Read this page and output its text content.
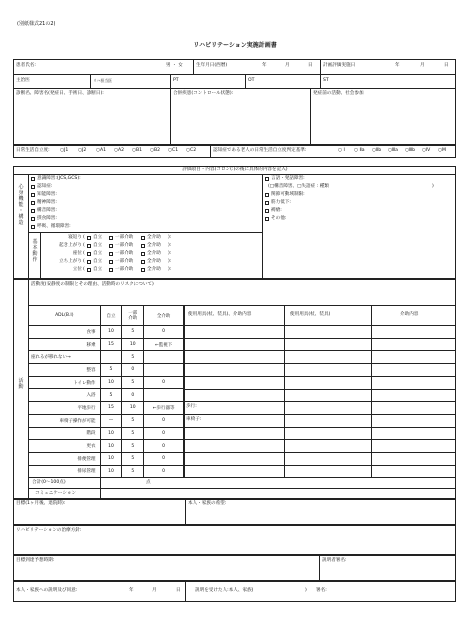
(別紙様式21の2)
リハビリテーション実施計画書
患者氏名:	男 ・ 女	生年月日(西暦)	年	月	日 計画評価実施日	年	月	日
主治医	リハ担当医	PT	OT	ST
診断名、障害名(発症日、手術日、診断日):	合併疾患(コントロール状態):	発症前の活動、社会参加
日常生活自立度: ○J1 ○J2 ○A1 ○A2 ○B1 ○B2 ○C1 ○C2	認知症である老人の日常生活自立度判定基準:	○ Ⅰ ○ Ⅱa ○Ⅱb ○Ⅲa ○Ⅲb ○Ⅳ ○M
評価項目・内容(コロン(:)の後に具体的内容を記入)
心
身
機
能
・
構
造
意識障害:(JCS,GCS):
認知症:
知能障害:
精神障害:
構音障害:
摂食障害:
呼吸、循環障害:
言語・発話障害:
(□構音障害、□失語症 : 種類	)
関節可動域制限:
筋力低下:
褥瘡:
その他:
基
本
動
作
寝返り ( 自立	一部介助	全介助 ):
起き上がり ( 自立	一部介助	全介助 ):
座位 ( 自立	一部介助	全介助 ):
立ち上がり ( 自立	一部介助	全介助 ):
立位 ( 自立	一部介助	全介助 ):
活
動
活動度(安静度の制限とその理由、活動時のリスクについて)
ADL(B.I)	自立	一部
介助	全介助
食事	10	5	0
移乗	15	10	←監視下
座れるが移れない→		5	
整容	5	0	
トイレ動作	10	5	0
入浴	5	0	
平地歩行	15	10	←歩行器等
車椅子操作が可能	—	5	0
階段	10	5	0
更衣	10	5	0
排便管理	10	5	0
排尿管理	10	5	0
使用用具(杖、装具)、介助内容	使用用具(杖、装具)	介助内容
歩行:
車椅子:
合計(0〜100点)	点
コミュニケーション
目標(1ヶ月後、退院時):	本人・家族の希望:
リハビリテーションの治療方針:
目標到達予想時期:	説明者署名:
本人・家族への説明及び同意:	年	月	日	説明を受けた人:本人、家族(	) 署名:
